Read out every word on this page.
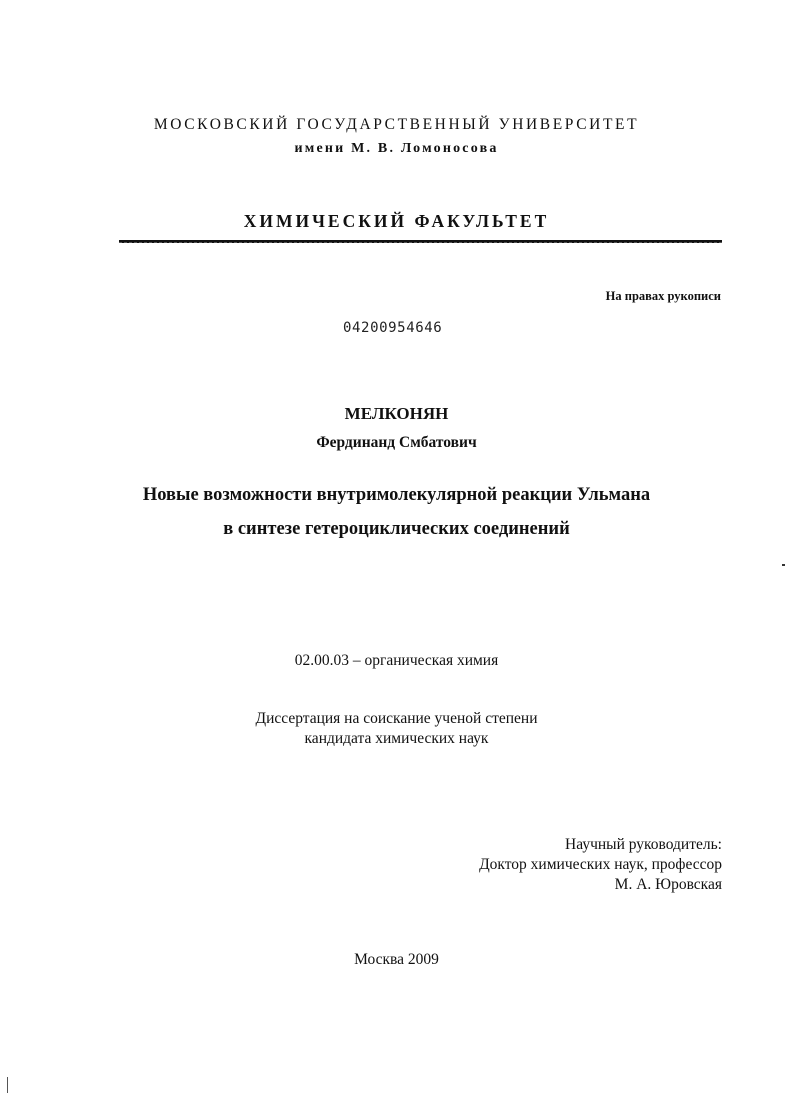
МОСКОВСКИЙ ГОСУДАРСТВЕННЫЙ УНИВЕРСИТЕТ
имени М. В. Ломоносова
ХИМИЧЕСКИЙ ФАКУЛЬТЕТ
На правах рукописи
04200954646
МЕЛКОНЯН
Фердинанд Смбатович
Новые возможности внутримолекулярной реакции Ульмана
в синтезе гетероциклических соединений
02.00.03 – органическая химия
Диссертация на соискание ученой степени
кандидата химических наук
Научный руководитель:
Доктор химических наук, профессор
М. А. Юровская
Москва 2009
